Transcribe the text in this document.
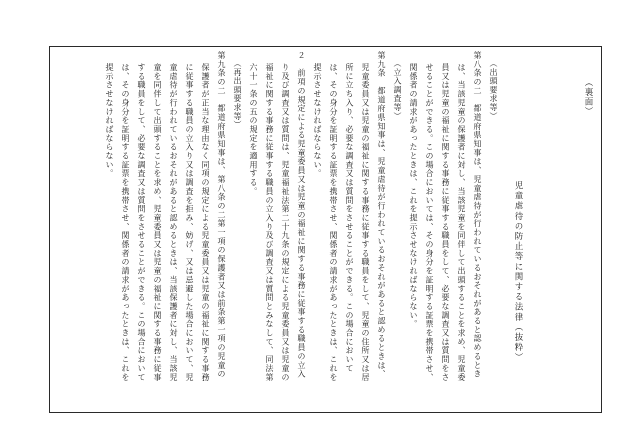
（裏面）
児童虐待の防止等に関する法律（抜粋）
（出頭要求等）
第八条の二　都道府県知事は、児童虐待が行われているおそれがあると認めるとき
は、当該児童の保護者に対し、当該児童を同伴して出頭することを求め、児童委
員又は児童の福祉に関する事務に従事する職員をして、必要な調査又は質問をさ
せることができる。この場合においては、その身分を証明する証票を携帯させ、
関係者の請求があったときは、これを提示させなければならない。
（立入調査等）
第九条　都道府県知事は、児童虐待が行われているおそれがあると認めるときは、
児童委員又は児童の福祉に関する事務に従事する職員をして、児童の住所又は居
所に立ち入り、必要な調査又は質問をさせることができる。この場合において
は、その身分を証明する証票を携帯させ、関係者の請求があったときは、これを
提示させなければならない。
２　前項の規定による児童委員又は児童の福祉に関する事務に従事する職員の立入
り及び調査又は質問は、児童福祉法第二十九条の規定による児童委員又は児童の
福祉に関する事務に従事する職員の立入り及び調査又は質問とみなして、同法第
六十一条の五の規定を適用する。
（再出頭要求等）
第九条の二　都道府県知事は、第八条の二第一項の保護者又は前条第一項の児童の
保護者が正当な理由なく同項の規定による児童委員又は児童の福祉に関する事務
に従事する職員の立入り又は調査を拒み、妨げ、又は忌避した場合において、児
童虐待が行われているおそれがあると認めるときは、当該保護者に対し、当該児
童を同伴して出頭することを求め、児童委員又は児童の福祉に関する事務に従事
する職員をして、必要な調査又は質問をさせることができる。この場合において
は、その身分を証明する証票を携帯させ、関係者の請求があったときは、これを
提示させなければならない。
